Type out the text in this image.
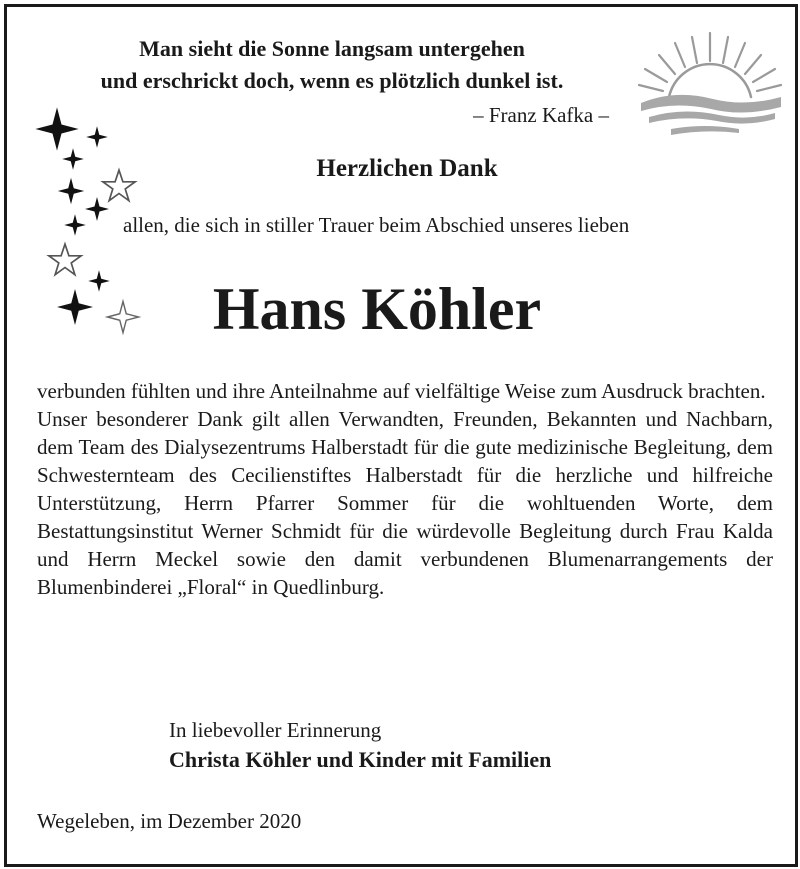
Man sieht die Sonne langsam untergehen
und erschrickt doch, wenn es plötzlich dunkel ist.
– Franz Kafka –
Herzlichen Dank
allen, die sich in stiller Trauer beim Abschied unseres lieben
Hans Köhler

verbunden fühlten und ihre Anteilnahme auf vielfältige Weise zum Ausdruck brachten.

Unser besonderer Dank gilt allen Verwandten, Freunden, Bekannten und Nachbarn, dem Team des Dialysezentrums Halberstadt für die gute medizinische Begleitung, dem Schwesternteam des Cecilienstiftes Halberstadt für die herzliche und hilfreiche Unterstützung, Herrn Pfarrer Sommer für die wohltuenden Worte, dem Bestattungsinstitut Werner Schmidt für die würdevolle Begleitung durch Frau Kalda und Herrn Meckel sowie den damit verbundenen Blumenarrangements der Blumenbinderei „Floral“ in Quedlinburg.

In liebevoller Erinnerung
Christa Köhler und Kinder mit Familien
Wegeleben, im Dezember 2020
